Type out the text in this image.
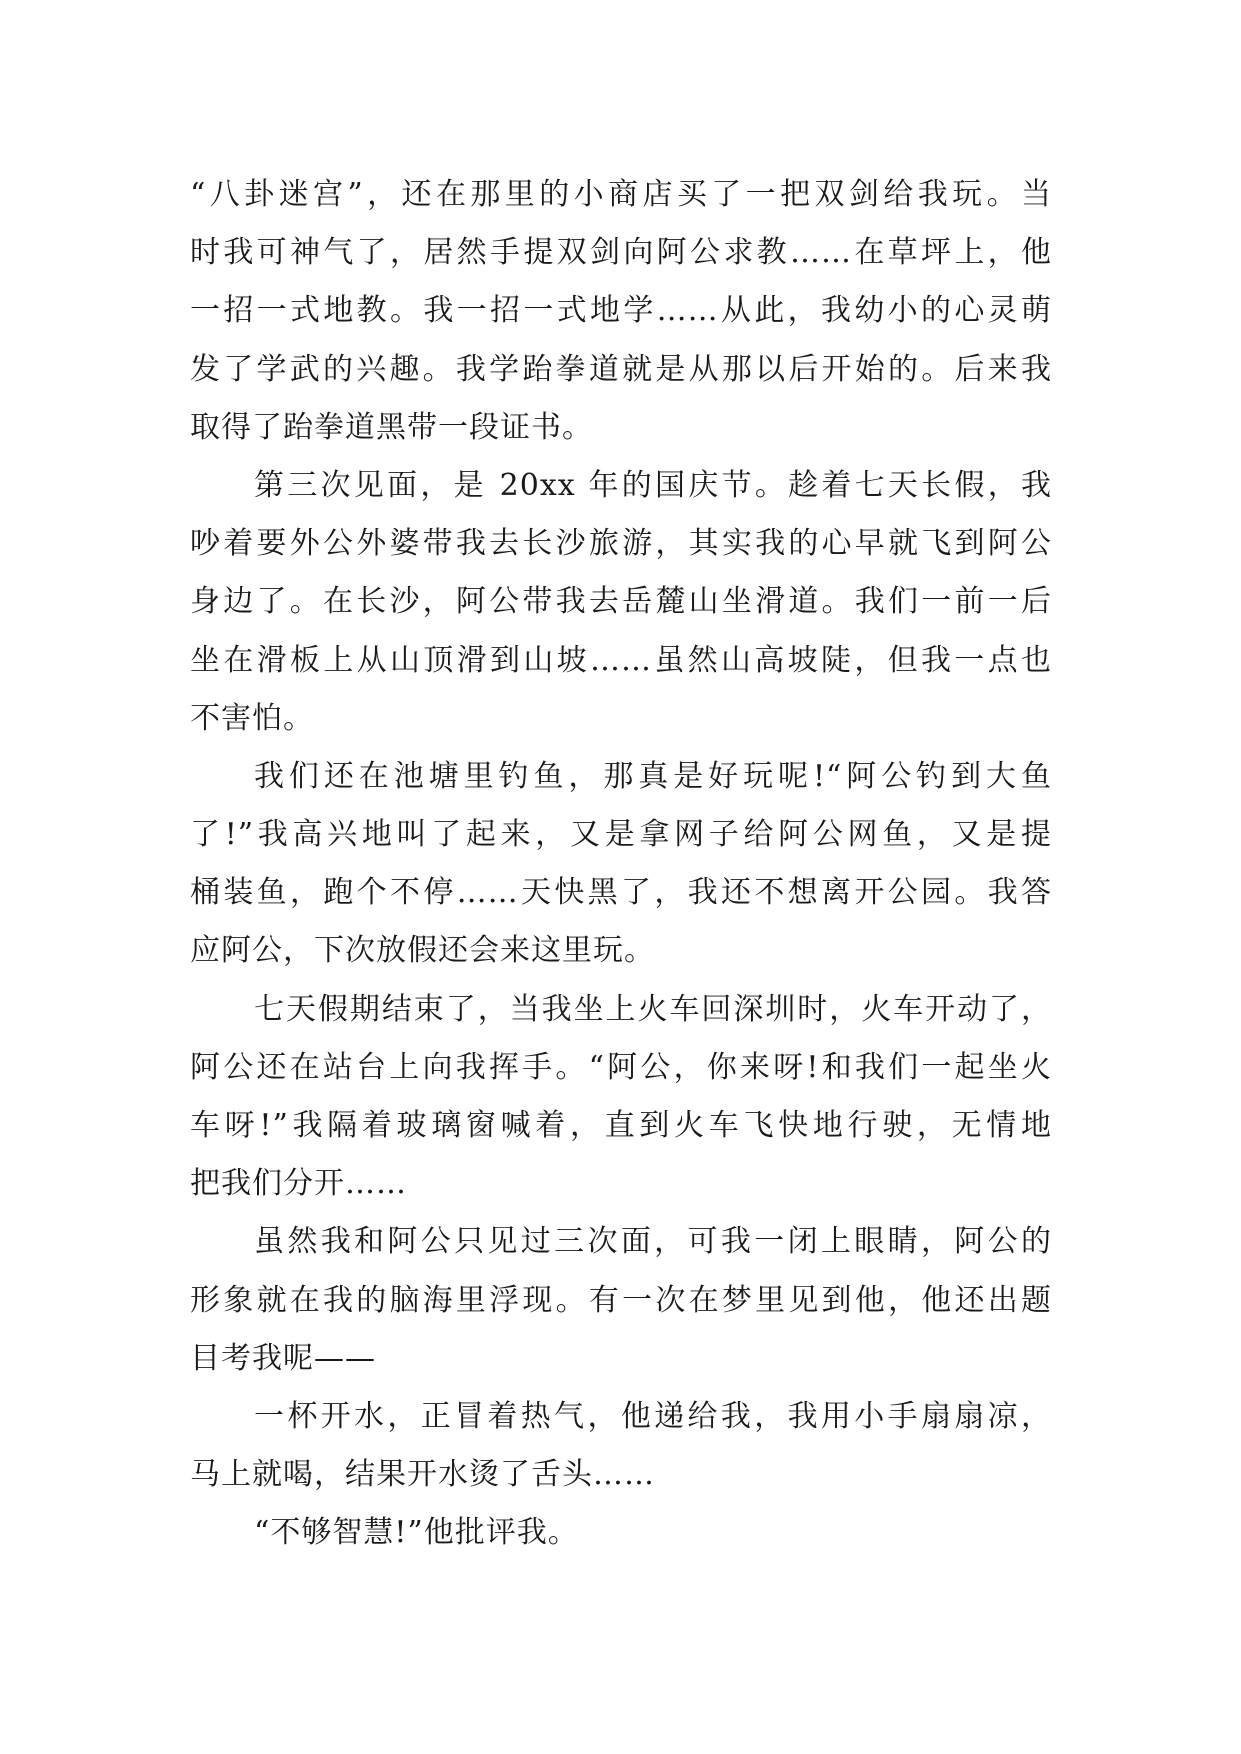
“八卦迷宫”，还在那里的小商店买了一把双剑给我玩。当
时我可神气了，居然手提双剑向阿公求教……在草坪上，他
一招一式地教。我一招一式地学……从此，我幼小的心灵萌
发了学武的兴趣。我学跆拳道就是从那以后开始的。后来我
取得了跆拳道黑带一段证书。
第三次见面，是 20xx 年的国庆节。趁着七天长假，我
吵着要外公外婆带我去长沙旅游，其实我的心早就飞到阿公
身边了。在长沙，阿公带我去岳麓山坐滑道。我们一前一后
坐在滑板上从山顶滑到山坡……虽然山高坡陡，但我一点也
不害怕。
我们还在池塘里钓鱼，那真是好玩呢!“阿公钓到大鱼
了!”我高兴地叫了起来，又是拿网子给阿公网鱼，又是提
桶装鱼，跑个不停……天快黑了，我还不想离开公园。我答
应阿公，下次放假还会来这里玩。
七天假期结束了，当我坐上火车回深圳时，火车开动了，
阿公还在站台上向我挥手。“阿公，你来呀!和我们一起坐火
车呀!”我隔着玻璃窗喊着，直到火车飞快地行驶，无情地
把我们分开……
虽然我和阿公只见过三次面，可我一闭上眼睛，阿公的
形象就在我的脑海里浮现。有一次在梦里见到他，他还出题
目考我呢——
一杯开水，正冒着热气，他递给我，我用小手扇扇凉，
马上就喝，结果开水烫了舌头……
“不够智慧!”他批评我。
